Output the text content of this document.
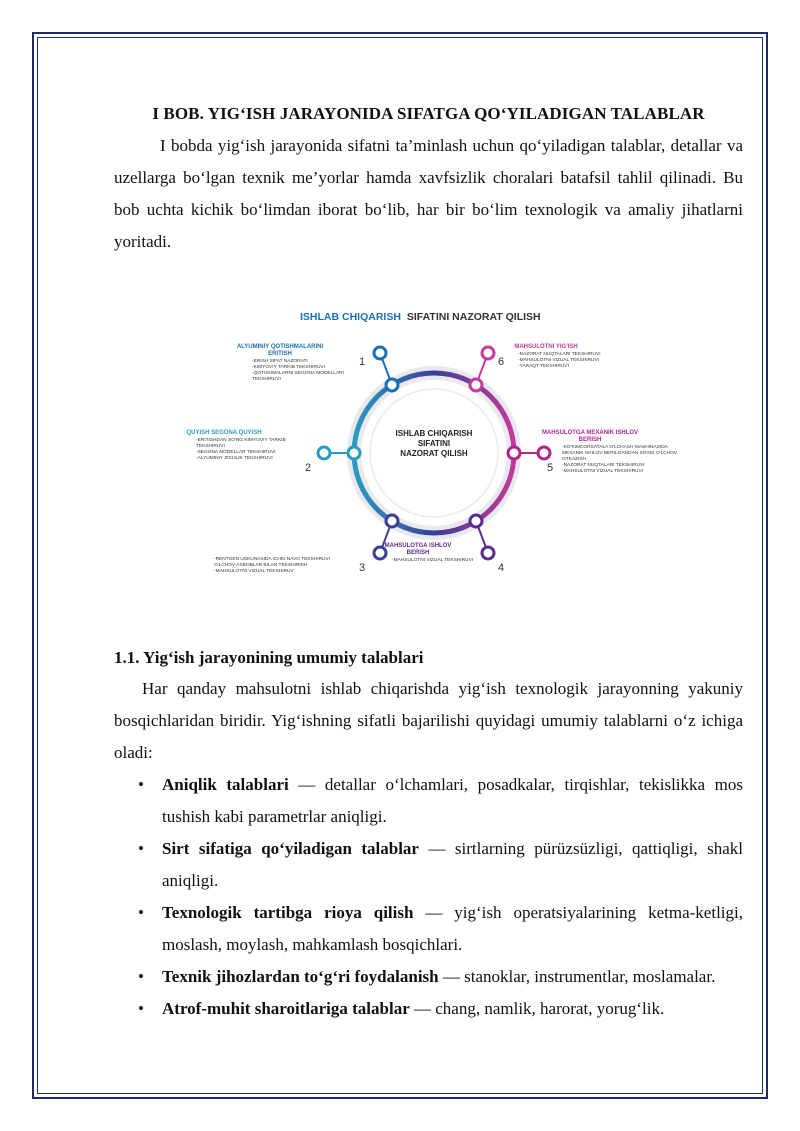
I BOB. YIG‘ISH JARAYONIDA SIFATGA QO‘YILADIGAN TALABLAR

I bobda yig‘ish jarayonida sifatni ta’minlash uchun qo‘yiladigan talablar, detallar va uzellarga bo‘lgan texnik me’yorlar hamda xavfsizlik choralari batafsil tahlil qilinadi. Bu bob uchta kichik bo‘limdan iborat bo‘lib, har bir bo‘lim texnologik va amaliy jihatlarni yoritadi.

ISHLAB CHIQARISH SIFATINI NAZORAT QILISH
ISHLAB CHIQARISH
SIFATINI
NAZORAT QILISH
1
ALYUMINIY QOTISHMALARINI
ERITISH
-ERISH SIFAT NAZORATI
-KIMYOVIY TARKIB TEKSHIRUVI
-QOTISHMALARNI SEGONA MODELLARI
TEKSHIRUVI
2
QUYISH SEGONA QUYISH
-ERITISHDAN SO'NG KIMYOVIY TARKIB
TEKSHIRUVI
-SEGONA MODELLAR TEKSHIRUVI
-ALYUMINIY ZICHLIK TEKSHIRUVI
3
-RENTGEN USKUNASIDA ICHKI NAVO TEKSHIRUVI
O'LCHOV ASBOBLAR BILAN TEKSHIRISH
-MAHSULOTNI VIZUAL TEKSHIRUV	4
MAHSULOTGA ISHLOV
BERISH
-MAHSULOTNI VIZUAL TEKSHIRUVI
5
MAHSULOTGA MEXANIK ISHLOV
BERISH
-KO'KIMCORSATALA O'LCHASH MASHINASIDA
MEXANIK ISHLOV BERILGANDAN SO'NG O'LCHOV
OTKAZISH
-NAZORAT NUQTALARI TEKSHIRUVI
-MAHSULOTNI VIZUAL TEKSHIRUVI
6
MAHSULOTNI YIG'ISH
-NAZORAT NUQTALARI TEKSHIRUVI
-MAHSULOTNI VIZUAL TEKSHIRUVI
-YARAQT TEKSHIRUVI
1.1. Yig‘ish jarayonining umumiy talablari

Har qanday mahsulotni ishlab chiqarishda yig‘ish texnologik jarayonning yakuniy bosqichlaridan biridir. Yig‘ishning sifatli bajarilishi quyidagi umumiy talablarni o‘z ichiga oladi:

• Aniqlik talablari — detallar o‘lchamlari, posadkalar, tirqishlar, tekislikka mos tushish kabi parametrlar aniqligi.
• Sirt sifatiga qo‘yiladigan talablar — sirtlarning pürüzsüzligi, qattiqligi, shakl aniqligi.
• Texnologik tartibga rioya qilish — yig‘ish operatsiyalarining ketma-ketligi, moslash, moylash, mahkamlash bosqichlari.
• Texnik jihozlardan to‘g‘ri foydalanish — stanoklar, instrumentlar, moslamalar.
• Atrof-muhit sharoitlariga talablar — chang, namlik, harorat, yorug‘lik.
